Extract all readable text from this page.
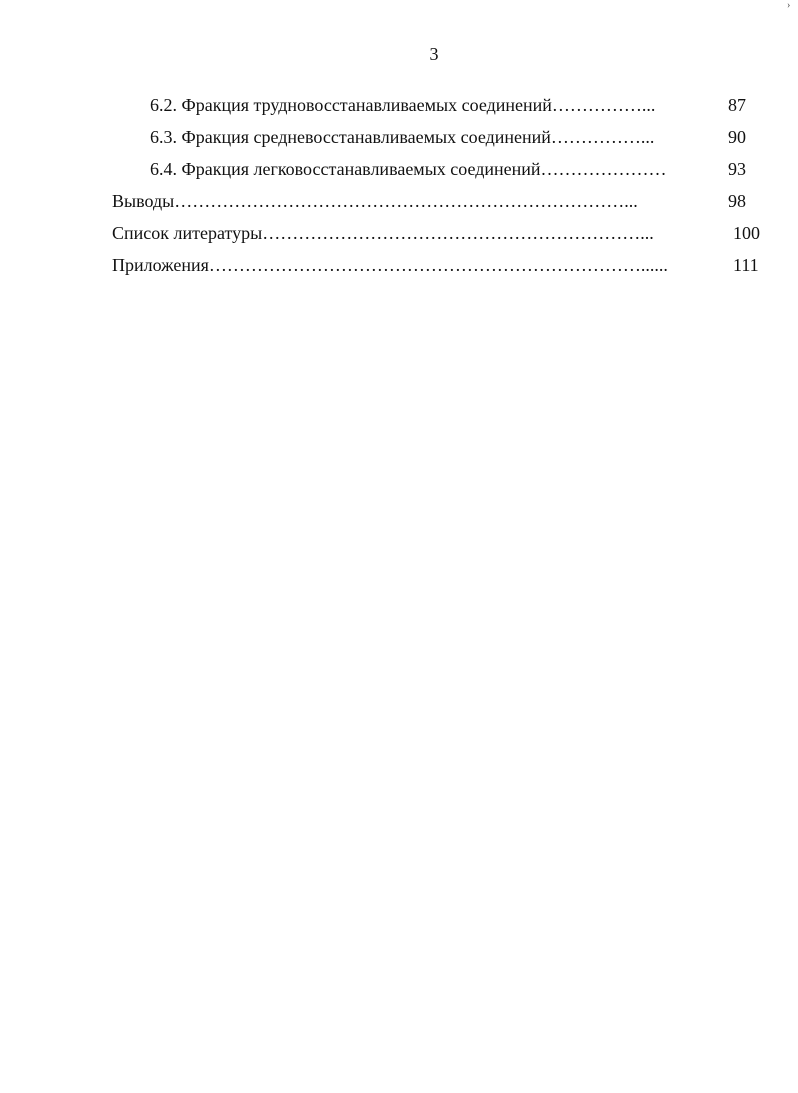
›
3
6.2. Фракция трудновосстанавливаемых соединений……………...	87
6.3. Фракция средневосстанавливаемых соединений……………...	90
6.4. Фракция легковосстанавливаемых соединений…………………	93
Выводы…………………………………………………………………...	98
Список литературы………………………………………………………...	100
Приложения………………………………………………………………......	111
